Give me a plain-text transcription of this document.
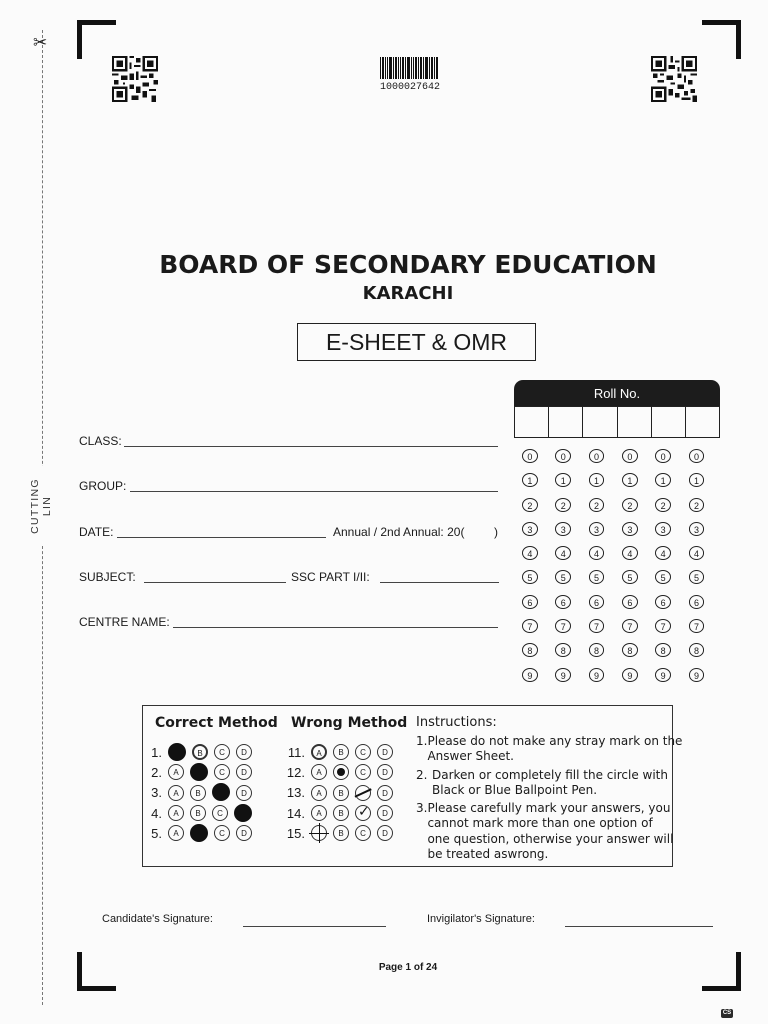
✂
CUTTING LIN
1000027642
BOARD OF SECONDARY EDUCATION
KARACHI
E-SHEET & OMR
Roll No.
0	0	0	0	0	0
1	1	1	1	1	1
2	2	2	2	2	2
3	3	3	3	3	3
4	4	4	4	4	4
5	5	5	5	5	5
6	6	6	6	6	6
7	7	7	7	7	7
8	8	8	8	8	8
9	9	9	9	9	9
CLASS:
GROUP:
DATE:	Annual / 2nd Annual: 20( )
SUBJECT:	SSC PART I/II:
CENTRE NAME:
Correct Method Wrong Method Instructions:
1.	B	C	D
2.	A	C	D
3.	A	B	D
4.	A	B	C
5.	A	C	D
11.	A	B	C	D
12.	A	C	D
13.	A	B	D
14.	A	B
✓	D
15.	B	C	D
1. Please do not make any stray mark on the
Answer Sheet.
2. Darken or completely fill the circle with
Black or Blue Ballpoint Pen.
3. Please carefully mark your answers, you
cannot mark more than one option of
one question, otherwise your answer will
be treated aswrong.
Candidate's Signature:	Invigilator's Signature:
Page 1 of 24
CS
